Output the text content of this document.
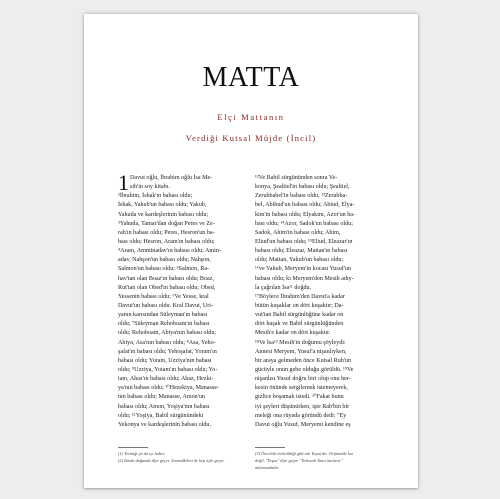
MATTA
Elçi Mattanın
Verdiği Kutsal Müjde (İncil)
1 Davut oğlu, İbrahim oğlu İsa Me-
sih'in soy kitabı.
²İbrahim, İshak'ın babası oldu;
İshak, Yakub'un babası oldu; Yakub,
Yahuda ve kardeşlerinin babası oldu;
³Yahuda, Tamar'dan doğan Peres ve Ze-
rah'ın babası oldu; Peres, Hesron'un ba-
bası oldu; Hesron, Aram'ın babası oldu;
⁴Aram, Amminadav'ın babası oldu; Amin-
adav, Nahşon'un babası oldu; Nahşon,
Salmon'un babası oldu; ⁵Salmon, Ra-
hav'tan olan Boaz'ın babası oldu; Boaz,
Rut'tan olan Obed'in babası oldu; Obed,
Yessenin babası oldu; ⁶Ve Yesse, kral
Davut'un babası oldu. Kral Davut, Uri-
yanın karısından Süleyman'ın babası
oldu; ⁷Süleyman Rehoboam'ın babası
oldu; Rehoboam, Abiya'nın babası oldu;
Abiya, Asa'nın babası oldu; ⁸Asa, Yeho-
şafat'ın babası oldu; Yehoşafat, Yoram'ın
babası oldu; Yoram, Uzziya'nın babası
oldu; ⁹Uzziya, Yotam'ın babası oldu; Yo-
tam, Ahaz'ın babası oldu; Ahaz, Hezki-
ya'nın babası oldu; ¹⁰Hezekiya, Manasse-
nin babası oldu; Manasse, Amon'un
babası oldu; Amon, Yoşiya'nın babası
oldu; ¹¹Yoşiya, Babil sürgünündeki
Yekonya ve kardeşlerinin babası oldu.
¹²Ve Babil sürgününden sonra Ye-
konya, Şealtiel'in babası oldu; Şealtiel,
Zerubbabel'in babası oldu; ¹³Zerubba-
bel, Abihud'un babası oldu; Abiud, Elya-
kim'in babası oldu; Elyakim, Azor'un ba-
bası oldu; ¹⁴Azor, Sadok'un babası oldu;
Sadok, Ahim'in babası oldu; Ahim,
Eliud'un babası oldu; ¹⁵Eliud, Eleazar'ın
babası oldu; Eleazar, Mattan'ın babası
oldu; Mattan, Yakub'un babası oldu;
¹⁶ve Yakub, Meryem'in kocası Yusuf'un
babası oldu; ki Meryem'den Mesih adıy-
la çağrılan İsa¹¹ doğdu.
¹⁷Böylece İbrahim'den Davut'a kadar
bütün kuşaklar on dört kuşaktır; Da-
vut'tan Babil sürgünlüğüne kadar on
dört kuşak ve Babil sürgünlüğünden
Mesih'e kadar on dört kuşaktır.
¹⁸Ve İsa¹² Mesih'in doğumu şöyleydi:
Annesi Meryem, Yusuf'a nişanlıyken,
bir araya gelmeden önce Kutsal Ruh'un
gücüyle onun gebe olduğu görüldü. ¹⁹Ve
nişanlısı Yusuf doğru biri olup onu her-
kesin önünde sergilemek istemeyerek,
gizlice boşamak istedi. ²⁰Fakat bunu
iyi şeyleri düşünürken, işte Rab'bin bir
meleği ona rüyada göründü dedi: "Ey
Davut oğlu Yusuf, Meryemi kendine eş
(1) Yeriniği ya da iyi haber.
(2) İshakı doğanda diye geçer. Sonradkileri de hep öyle geçer.
(3) Önceleki belirtildiği gibi adı Yeşua'dır. Orijinalde İsa
değil, "Yeşua" diye geçer. "Yehovah Tanrı kurtarır"
anlamındadır.
